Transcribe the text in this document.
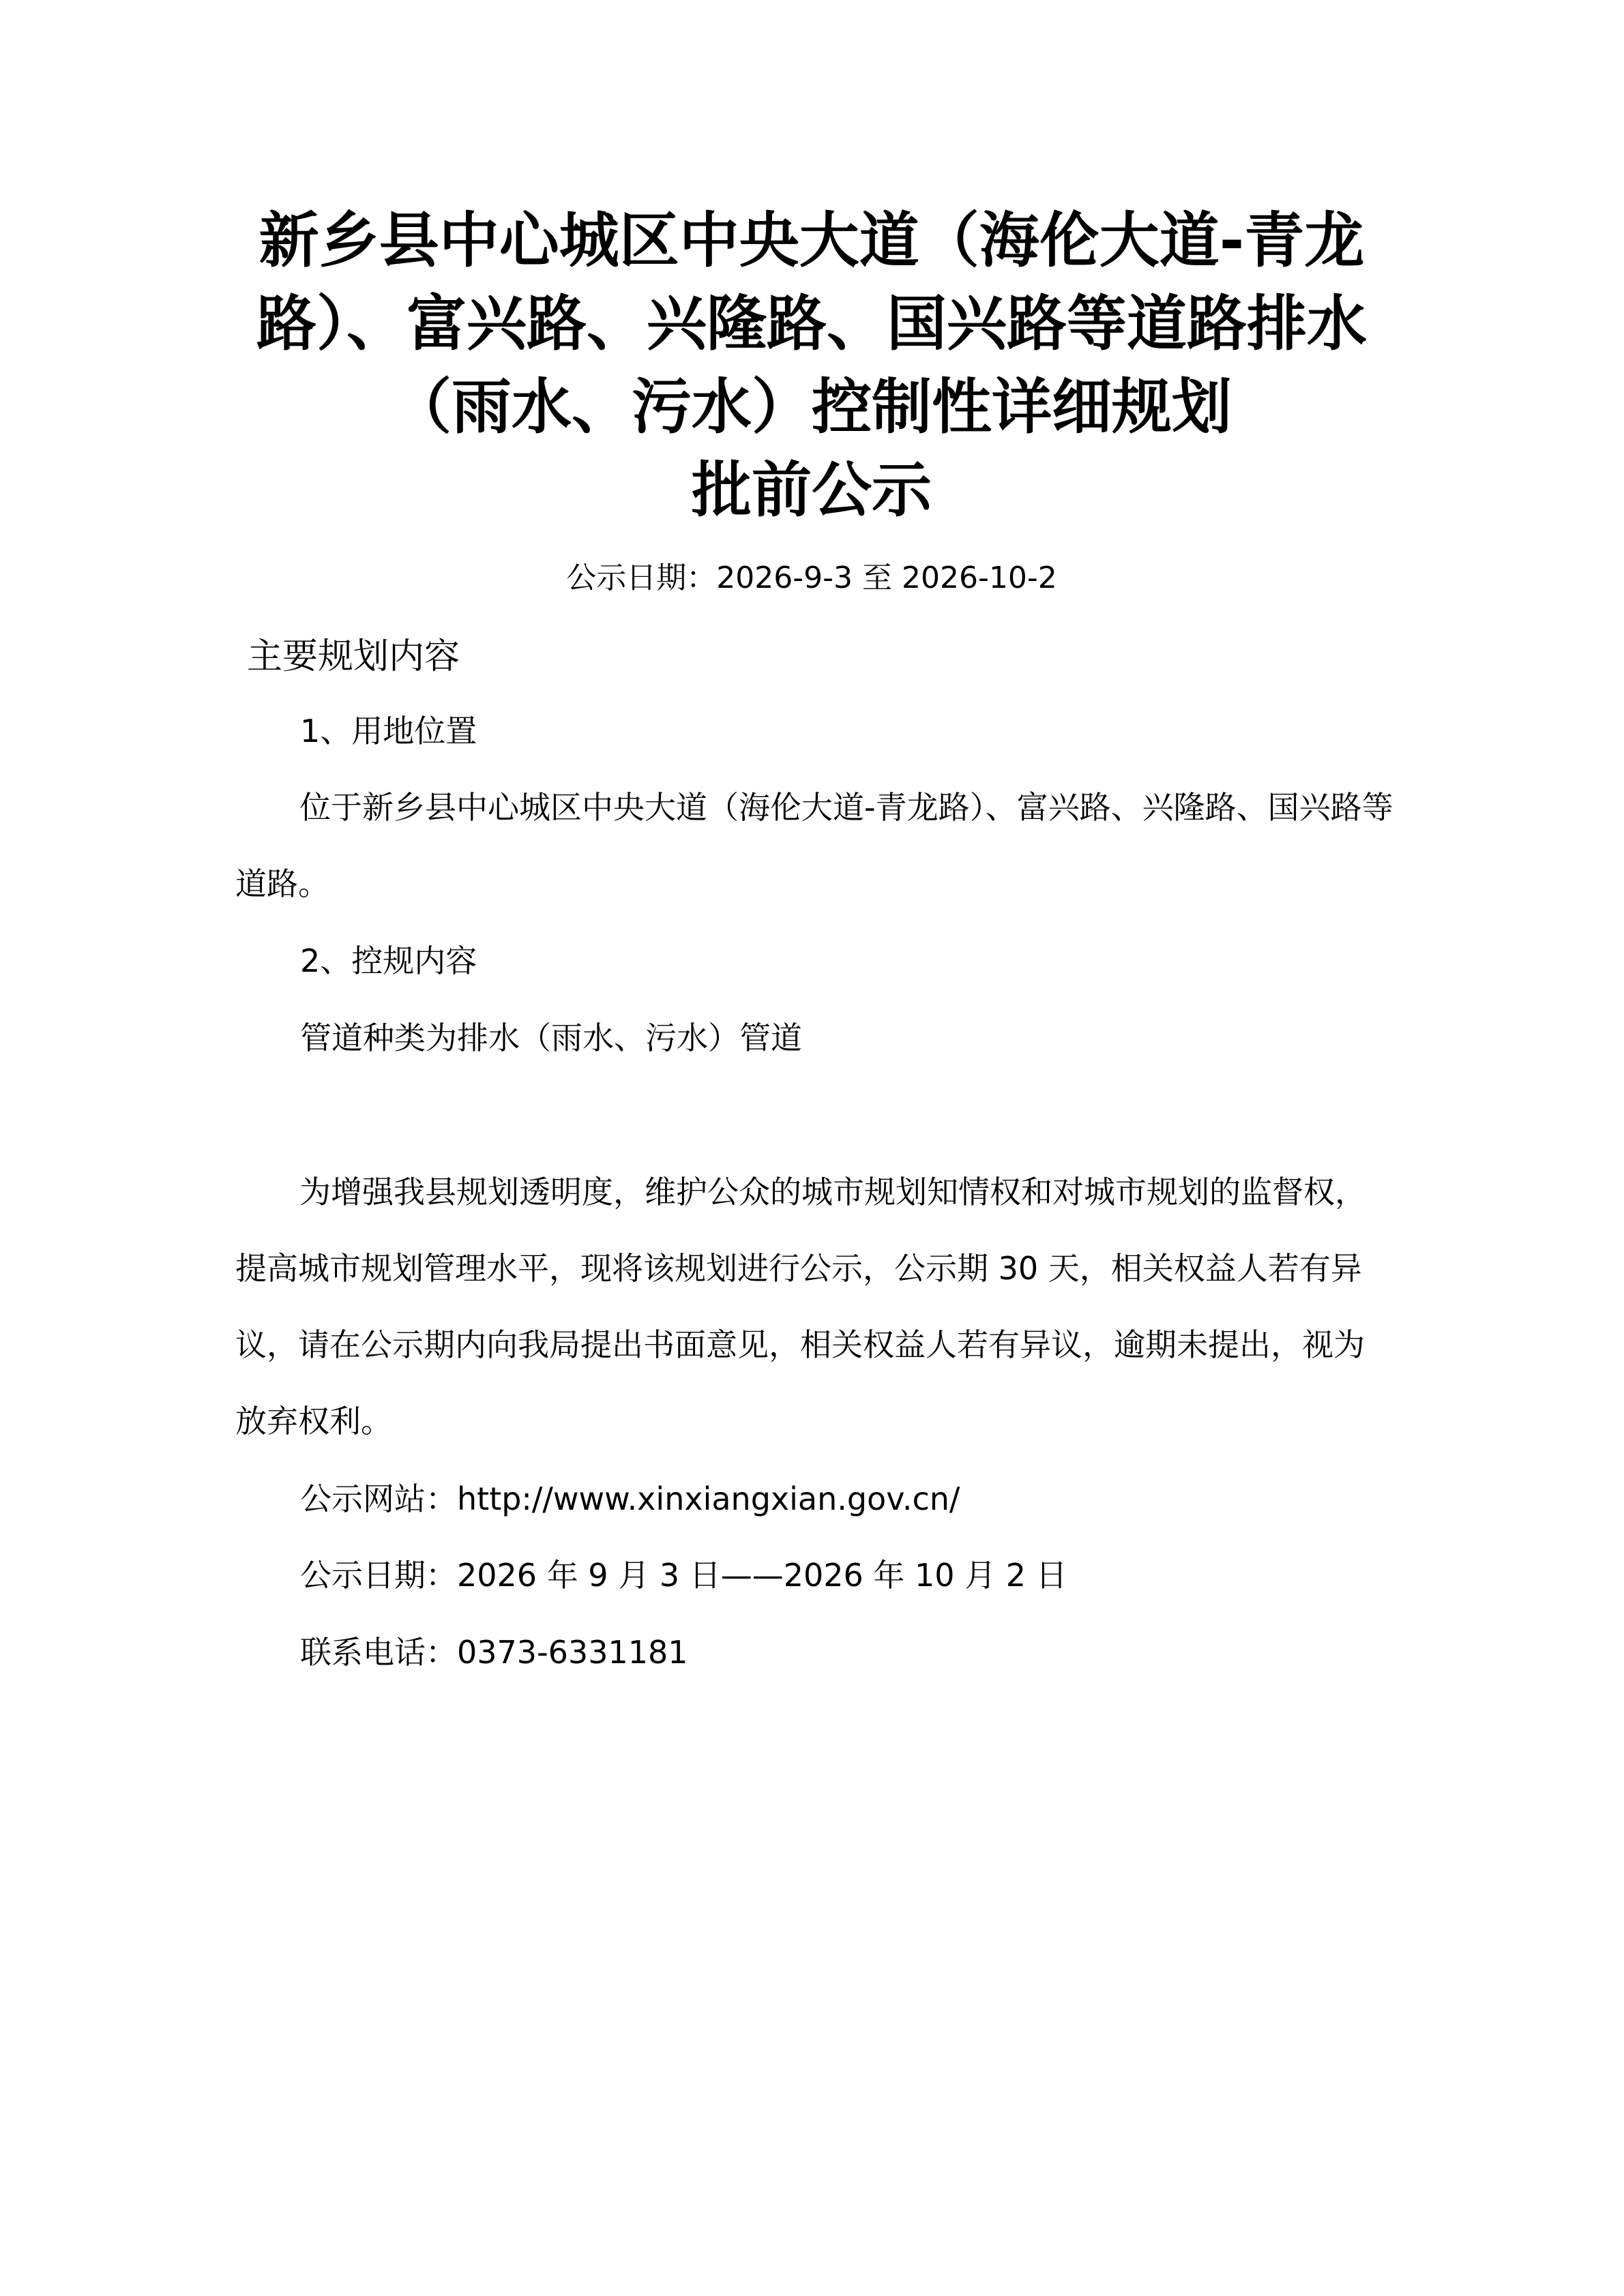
新乡县中心城区中央大道（海伦大道-青龙
路）、富兴路、兴隆路、国兴路等道路排水
（雨水、污水）控制性详细规划
批前公示
公示日期：2026-9-3 至 2026-10-2
主要规划内容
1、用地位置
位于新乡县中心城区中央大道（海伦大道-青龙路）、富兴路、兴隆路、国兴路等道路。
2、控规内容
管道种类为排水（雨水、污水）管道
为增强我县规划透明度，维护公众的城市规划知情权和对城市规划的监督权，提高城市规划管理水平，现将该规划进行公示，公示期 30 天，相关权益人若有异议，请在公示期内向我局提出书面意见，相关权益人若有异议，逾期未提出，视为放弃权利。
公示网站：http://www.xinxiangxian.gov.cn/
公示日期：2026 年 9 月 3 日——2026 年 10 月 2 日
联系电话：0373-6331181
